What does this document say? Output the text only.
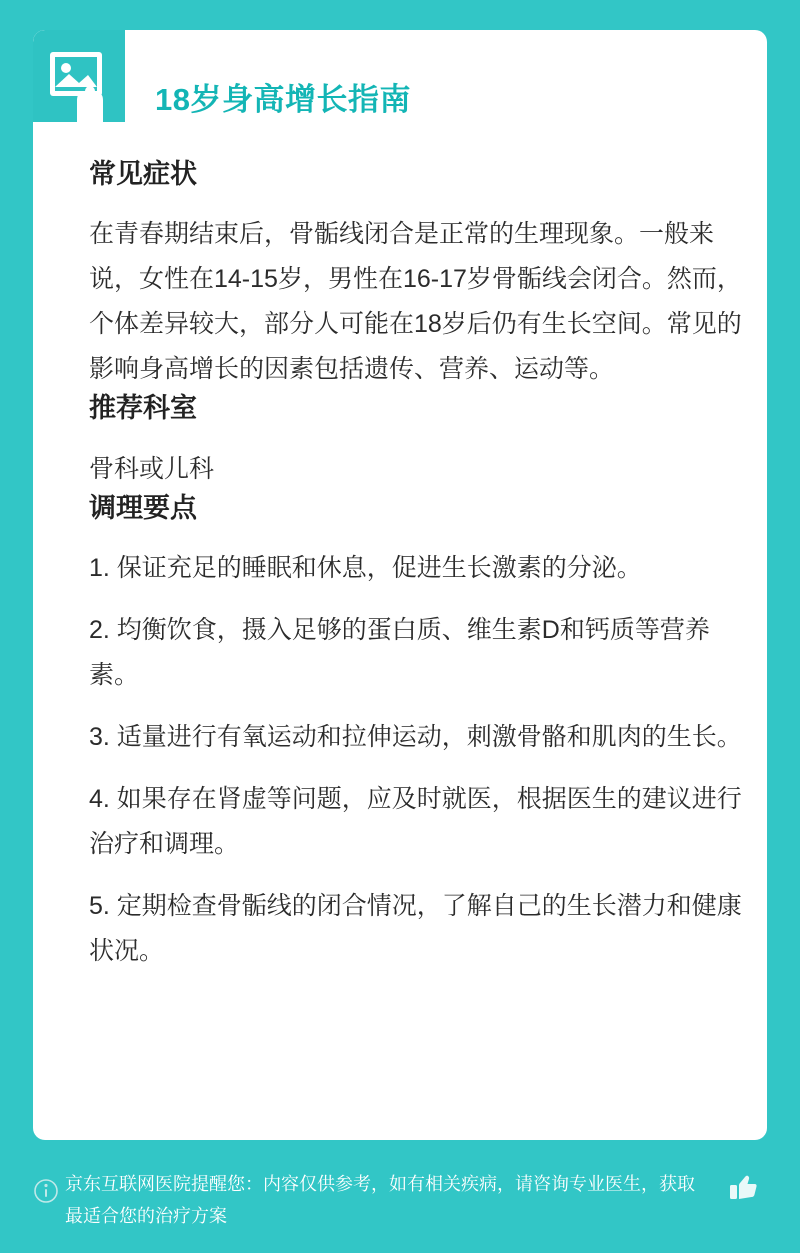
18岁身高增长指南
常见症状

在青春期结束后，骨骺线闭合是正常的生理现象。一般来说，女性在14-15岁，男性在16-17岁骨骺线会闭合。然而，个体差异较大，部分人可能在18岁后仍有生长空间。常见的影响身高增长的因素包括遗传、营养、运动等。

推荐科室

骨科或儿科

调理要点
1. 保证充足的睡眠和休息，促进生长激素的分泌。
2. 均衡饮食，摄入足够的蛋白质、维生素D和钙质等营养素。
3. 适量进行有氧运动和拉伸运动，刺激骨骼和肌肉的生长。
4. 如果存在肾虚等问题，应及时就医，根据医生的建议进行治疗和调理。
5. 定期检查骨骺线的闭合情况，了解自己的生长潜力和健康状况。
京东互联网医院提醒您：内容仅供参考，如有相关疾病，请咨询专业医生，获取最适合您的治疗方案
